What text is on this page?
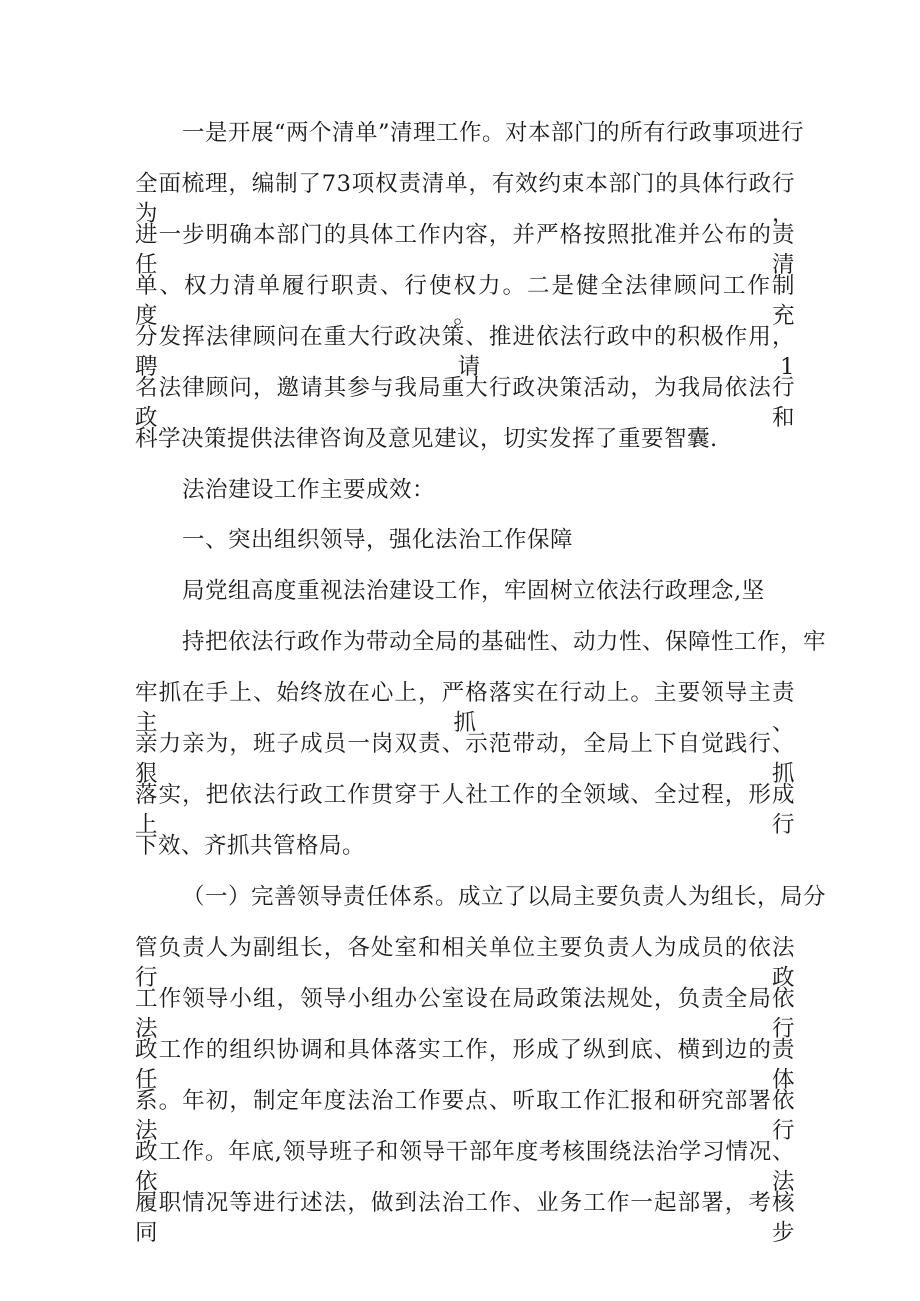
一是开展“两个清单”清理工作。对本部门的所有行政事项进行
全面梳理，编制了73项权责清单，有效约束本部门的具体行政行为，
进一步明确本部门的具体工作内容，并严格按照批准并公布的责任清
单、权力清单履行职责、行使权力。二是健全法律顾问工作制度。充
分发挥法律顾问在重大行政决策、推进依法行政中的积极作用，聘请1
名法律顾问，邀请其参与我局重大行政决策活动，为我局依法行政和
科学决策提供法律咨询及意见建议，切实发挥了重要智囊.
法治建设工作主要成效：
一、突出组织领导，强化法治工作保障
局党组高度重视法治建设工作，牢固树立依法行政理念,坚
持把依法行政作为带动全局的基础性、动力性、保障性工作，牢
牢抓在手上、始终放在心上，严格落实在行动上。主要领导主责主抓、
亲力亲为，班子成员一岗双责、示范带动，全局上下自觉践行、狠抓
落实，把依法行政工作贯穿于人社工作的全领域、全过程，形成上行
下效、齐抓共管格局。
（一）完善领导责任体系。成立了以局主要负责人为组长，局分
管负责人为副组长，各处室和相关单位主要负责人为成员的依法行政
工作领导小组，领导小组办公室设在局政策法规处，负责全局依法行
政工作的组织协调和具体落实工作，形成了纵到底、横到边的责任体
系。年初，制定年度法治工作要点、听取工作汇报和研究部署依法行
政工作。年底,领导班子和领导干部年度考核围绕法治学习情况、依法
履职情况等进行述法，做到法治工作、业务工作一起部署，考核同步
